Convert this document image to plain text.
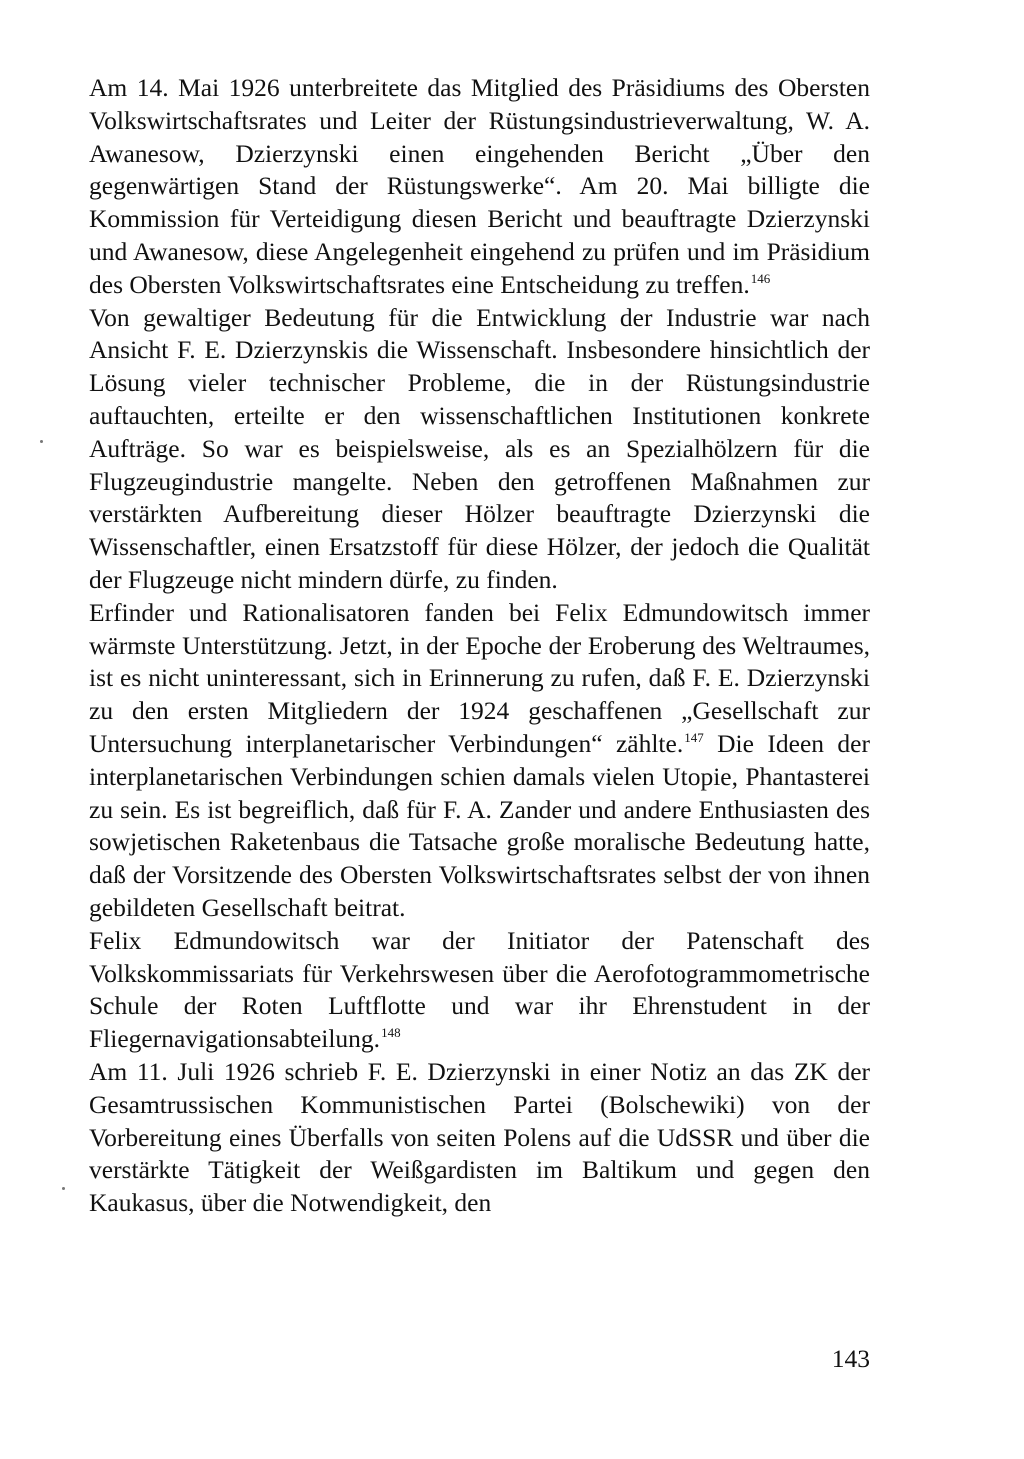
Am 14. Mai 1926 unterbreitete das Mitglied des Präsidiums des Obersten Volkswirtschaftsrates und Leiter der Rüstungsindustrieverwaltung, W. A. Awanesow, Dzierzynski einen eingehenden Bericht „Über den gegenwärtigen Stand der Rüstungswerke“. Am 20. Mai billigte die Kommission für Verteidigung diesen Bericht und beauftragte Dzierzynski und Awanesow, diese Angelegenheit eingehend zu prüfen und im Präsidium des Obersten Volkswirtschaftsrates eine Entscheidung zu treffen.$^{146}$

Von gewaltiger Bedeutung für die Entwicklung der Industrie war nach Ansicht F. E. Dzierzynskis die Wissenschaft. Insbesondere hinsichtlich der Lösung vieler technischer Probleme, die in der Rüstungsindustrie auftauchten, erteilte er den wissenschaftlichen Institutionen konkrete Aufträge. So war es beispielsweise, als es an Spezialhölzern für die Flugzeugindustrie mangelte. Neben den getroffenen Maßnahmen zur verstärkten Aufbereitung dieser Hölzer beauftragte Dzierzynski die Wissenschaftler, einen Ersatzstoff für diese Hölzer, der jedoch die Qualität der Flugzeuge nicht mindern dürfe, zu finden.

Erfinder und Rationalisatoren fanden bei Felix Edmundowitsch immer wärmste Unterstützung. Jetzt, in der Epoche der Eroberung des Weltraumes, ist es nicht uninteressant, sich in Erinnerung zu rufen, daß F. E. Dzierzynski zu den ersten Mitgliedern der 1924 geschaffenen „Gesellschaft zur Untersuchung interplanetarischer Verbindungen“ zählte.$^{147}$ Die Ideen der interplanetarischen Verbindungen schien damals vielen Utopie, Phantasterei zu sein. Es ist begreiflich, daß für F. A. Zander und andere Enthusiasten des sowjetischen Raketenbaus die Tatsache große moralische Bedeutung hatte, daß der Vorsitzende des Obersten Volkswirtschaftsrates selbst der von ihnen gebildeten Gesellschaft beitrat.

Felix Edmundowitsch war der Initiator der Patenschaft des Volkskommissariats für Verkehrswesen über die Aerofotogrammometrische Schule der Roten Luftflotte und war ihr Ehrenstudent in der Fliegernavigationsabteilung.$^{148}$

Am 11. Juli 1926 schrieb F. E. Dzierzynski in einer Notiz an das ZK der Gesamtrussischen Kommunistischen Partei (Bolschewiki) von der Vorbereitung eines Überfalls von seiten Polens auf die UdSSR und über die verstärkte Tätigkeit der Weißgardisten im Baltikum und gegen den Kaukasus, über die Notwendigkeit, den

143
